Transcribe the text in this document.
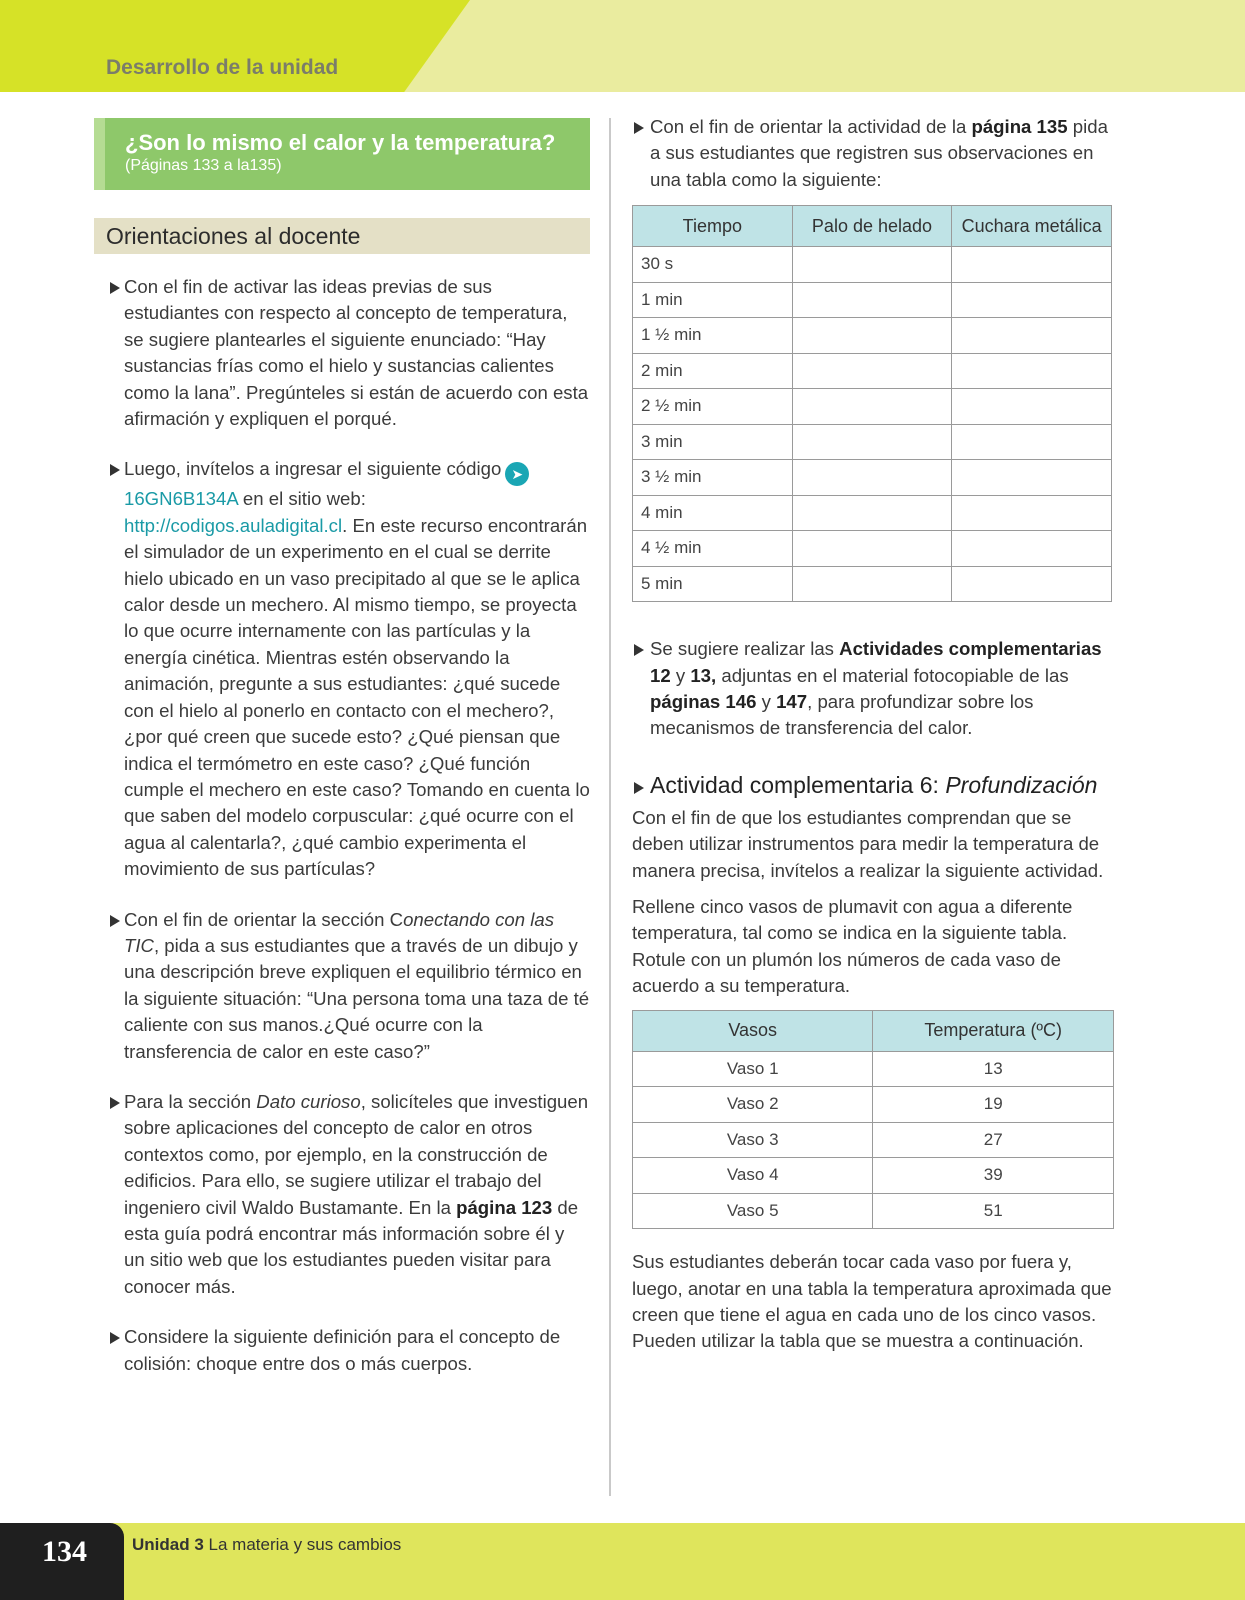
Desarrollo de la unidad
¿Son lo mismo el calor y la temperatura?
(Páginas 133 a la135)
Orientaciones al docente
Con el fin de activar las ideas previas de sus estudiantes con respecto al concepto de temperatura, se sugiere plantearles el siguiente enunciado: “Hay sustancias frías como el hielo y sustancias calientes como la lana”. Pregúnteles si están de acuerdo con esta afirmación y expliquen el porqué.
Luego, invítelos a ingresar el siguiente código ➤
16GN6B134A en el sitio web: http://codigos.auladigital.cl. En este recurso encontrarán el simulador de un experimento en el cual se derrite hielo ubicado en un vaso precipitado al que se le aplica calor desde un mechero. Al mismo tiempo, se proyecta lo que ocurre internamente con las partículas y la energía cinética. Mientras estén observando la animación, pregunte a sus estudiantes: ¿qué sucede con el hielo al ponerlo en contacto con el mechero?, ¿por qué creen que sucede esto? ¿Qué piensan que indica el termómetro en este caso? ¿Qué función cumple el mechero en este caso? Tomando en cuenta lo que saben del modelo corpuscular: ¿qué ocurre con el agua al calentarla?, ¿qué cambio experimenta el movimiento de sus partículas?
Con el fin de orientar la sección Conectando con las TIC, pida a sus estudiantes que a través de un dibujo y una descripción breve expliquen el equilibrio térmico en la siguiente situación: “Una persona toma una taza de té caliente con sus manos.¿Qué ocurre con la transferencia de calor en este caso?”
Para la sección Dato curioso, solicíteles que investiguen sobre aplicaciones del concepto de calor en otros contextos como, por ejemplo, en la construcción de edificios. Para ello, se sugiere utilizar el trabajo del ingeniero civil Waldo Bustamante. En la página 123 de esta guía podrá encontrar más información sobre él y un sitio web que los estudiantes pueden visitar para conocer más.
Considere la siguiente definición para el concepto de colisión: choque entre dos o más cuerpos.
Con el fin de orientar la actividad de la página 135 pida a sus estudiantes que registren sus observaciones en una tabla como la siguiente:
Tiempo	Palo de helado	Cuchara metálica
30 s		
1 min		
1 ½ min		
2 min		
2 ½ min		
3 min		
3 ½ min		
4 min		
4 ½ min		
5 min		
Se sugiere realizar las Actividades complementarias 12 y 13, adjuntas en el material fotocopiable de las páginas 146 y 147, para profundizar sobre los mecanismos de transferencia del calor.
Actividad complementaria 6: Profundización

Con el fin de que los estudiantes comprendan que se deben utilizar instrumentos para medir la temperatura de manera precisa, invítelos a realizar la siguiente actividad.

Rellene cinco vasos de plumavit con agua a diferente temperatura, tal como se indica en la siguiente tabla. Rotule con un plumón los números de cada vaso de acuerdo a su temperatura.

Vasos	Temperatura (ºC)
Vaso 1	13
Vaso 2	19
Vaso 3	27
Vaso 4	39
Vaso 5	51

Sus estudiantes deberán tocar cada vaso por fuera y, luego, anotar en una tabla la temperatura aproximada que creen que tiene el agua en cada uno de los cinco vasos. Pueden utilizar la tabla que se muestra a continuación.

134	Unidad 3 La materia y sus cambios
